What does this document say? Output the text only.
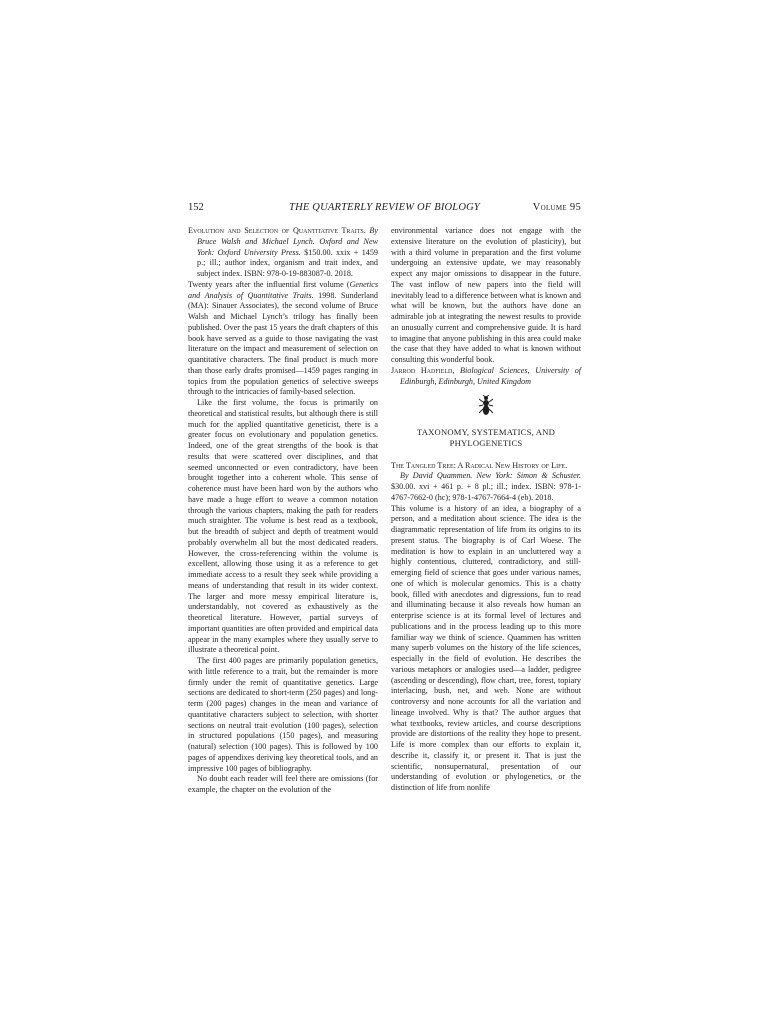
152	THE QUARTERLY REVIEW OF BIOLOGY	Volume 95

Evolution and Selection of Quantitative Traits. By Bruce Walsh and Michael Lynch. Oxford and New York: Oxford University Press. $150.00. xxix + 1459 p.; ill.; author index, organism and trait index, and subject index. ISBN: 978-0-19-883087-0. 2018.

Twenty years after the influential first volume (Genetics and Analysis of Quantitative Traits. 1998. Sunderland (MA): Sinauer Associates), the second volume of Bruce Walsh and Michael Lynch’s trilogy has finally been published. Over the past 15 years the draft chapters of this book have served as a guide to those navigating the vast literature on the impact and measurement of selection on quantitative characters. The final product is much more than those early drafts promised—1459 pages ranging in topics from the population genetics of selective sweeps through to the intricacies of family-based selection.

Like the first volume, the focus is primarily on theoretical and statistical results, but although there is still much for the applied quantitative geneticist, there is a greater focus on evolutionary and population genetics. Indeed, one of the great strengths of the book is that results that were scattered over disciplines, and that seemed unconnected or even contradictory, have been brought together into a coherent whole. This sense of coherence must have been hard won by the authors who have made a huge effort to weave a common notation through the various chapters, making the path for readers much straighter. The volume is best read as a textbook, but the breadth of subject and depth of treatment would probably overwhelm all but the most dedicated readers. However, the cross-referencing within the volume is excellent, allowing those using it as a reference to get immediate access to a result they seek while providing a means of understanding that result in its wider context. The larger and more messy empirical literature is, understandably, not covered as exhaustively as the theoretical literature. However, partial surveys of important quantities are often provided and empirical data appear in the many examples where they usually serve to illustrate a theoretical point.

The first 400 pages are primarily population genetics, with little reference to a trait, but the remainder is more firmly under the remit of quantitative genetics. Large sections are dedicated to short-term (250 pages) and long-term (200 pages) changes in the mean and variance of quantitative characters subject to selection, with shorter sections on neutral trait evolution (100 pages), selection in structured populations (150 pages), and measuring (natural) selection (100 pages). This is followed by 100 pages of appendixes deriving key theoretical tools, and an impressive 100 pages of bibliography.

No doubt each reader will feel there are omissions (for example, the chapter on the evolution of the

environmental variance does not engage with the extensive literature on the evolution of plasticity), but with a third volume in preparation and the first volume undergoing an extensive update, we may reasonably expect any major omissions to disappear in the future. The vast inflow of new papers into the field will inevitably lead to a difference between what is known and what will be known, but the authors have done an admirable job at integrating the newest results to provide an unusually current and comprehensive guide. It is hard to imagine that anyone publishing in this area could make the case that they have added to what is known without consulting this wonderful book.

Jarrod Hadfield, Biological Sciences, University of Edinburgh, Edinburgh, United Kingdom

TAXONOMY, SYSTEMATICS, AND
PHYLOGENETICS

The Tangled Tree: A Radical New History of Life.

By David Quammen. New York: Simon & Schuster. $30.00. xvi + 461 p. + 8 pl.; ill.; index. ISBN: 978-1-4767-7662-0 (hc); 978-1-4767-7664-4 (eb). 2018.

This volume is a history of an idea, a biography of a person, and a meditation about science. The idea is the diagrammatic representation of life from its origins to its present status. The biography is of Carl Woese. The meditation is how to explain in an uncluttered way a highly contentious, cluttered, contradictory, and still-emerging field of science that goes under various names, one of which is molecular genomics. This is a chatty book, filled with anecdotes and digressions, fun to read and illuminating because it also reveals how human an enterprise science is at its formal level of lectures and publications and in the process leading up to this more familiar way we think of science. Quammen has written many superb volumes on the history of the life sciences, especially in the field of evolution. He describes the various metaphors or analogies used—a ladder, pedigree (ascending or descending), flow chart, tree, forest, topiary interlacing, bush, net, and web. None are without controversy and none accounts for all the variation and lineage involved. Why is that? The author argues that what textbooks, review articles, and course descriptions provide are distortions of the reality they hope to present. Life is more complex than our efforts to explain it, describe it, classify it, or present it. That is just the scientific, nonsupernatural, presentation of our understanding of evolution or phylogenetics, or the distinction of life from nonlife
